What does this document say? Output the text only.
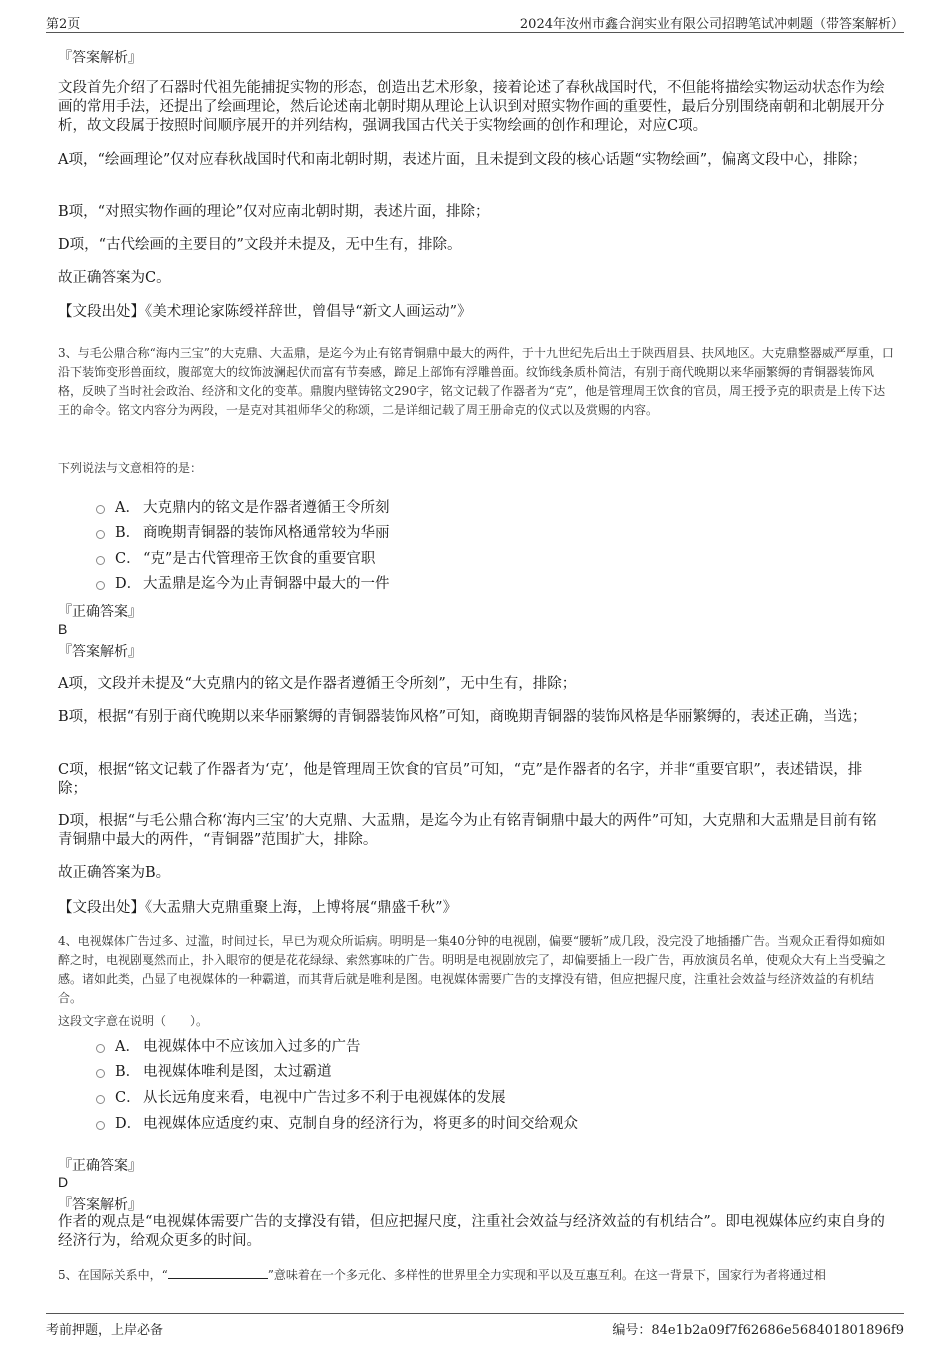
第2页	2024年汝州市鑫合润实业有限公司招聘笔试冲刺题（带答案解析）
『答案解析』
文段首先介绍了石器时代祖先能捕捉实物的形态，创造出艺术形象，接着论述了春秋战国时代，不但能将描绘实物运动状态作为绘画的常用手法，还提出了绘画理论，然后论述南北朝时期从理论上认识到对照实物作画的重要性，最后分别围绕南朝和北朝展开分析，故文段属于按照时间顺序展开的并列结构，强调我国古代关于实物绘画的创作和理论，对应C项。
A项，“绘画理论”仅对应春秋战国时代和南北朝时期，表述片面，且未提到文段的核心话题“实物绘画”，偏离文段中心，排除；
B项，“对照实物作画的理论”仅对应南北朝时期，表述片面，排除；
D项，“古代绘画的主要目的”文段并未提及，无中生有，排除。
故正确答案为C。
【文段出处】《美术理论家陈绶祥辞世，曾倡导“新文人画运动”》
3、与毛公鼎合称“海内三宝”的大克鼎、大盂鼎，是迄今为止有铭青铜鼎中最大的两件，于十九世纪先后出土于陕西眉县、扶风地区。大克鼎整器威严厚重，口沿下装饰变形兽面纹，腹部宽大的纹饰波澜起伏而富有节奏感，蹄足上部饰有浮雕兽面。纹饰线条质朴简洁，有别于商代晚期以来华丽繁缛的青铜器装饰风格，反映了当时社会政治、经济和文化的变革。鼎腹内壁铸铭文290字，铭文记载了作器者为“克”，他是管理周王饮食的官员，周王授予克的职责是上传下达王的命令。铭文内容分为两段，一是克对其祖师华父的称颂，二是详细记载了周王册命克的仪式以及赏赐的内容。
下列说法与文意相符的是：
A． 大克鼎内的铭文是作器者遵循王令所刻
B． 商晚期青铜器的装饰风格通常较为华丽
C． “克”是古代管理帝王饮食的重要官职
D． 大盂鼎是迄今为止青铜器中最大的一件
『正确答案』
B
『答案解析』
A项，文段并未提及“大克鼎内的铭文是作器者遵循王令所刻”，无中生有，排除；
B项，根据“有别于商代晚期以来华丽繁缛的青铜器装饰风格”可知，商晚期青铜器的装饰风格是华丽繁缛的，表述正确，当选；
C项，根据“铭文记载了作器者为‘克’，他是管理周王饮食的官员”可知，“克”是作器者的名字，并非“重要官职”，表述错误，排除；
D项，根据“与毛公鼎合称‘海内三宝’的大克鼎、大盂鼎，是迄今为止有铭青铜鼎中最大的两件”可知，大克鼎和大盂鼎是目前有铭青铜鼎中最大的两件，“青铜器”范围扩大，排除。
故正确答案为B。
【文段出处】《大盂鼎大克鼎重聚上海，上博将展“鼎盛千秋”》
4、电视媒体广告过多、过滥，时间过长，早已为观众所诟病。明明是一集40分钟的电视剧，偏要“腰斩”成几段，没完没了地插播广告。当观众正看得如痴如醉之时，电视剧戛然而止，扑入眼帘的便是花花绿绿、索然寡味的广告。明明是电视剧放完了，却偏要插上一段广告，再放演员名单，使观众大有上当受骗之感。诸如此类，凸显了电视媒体的一种霸道，而其背后就是唯利是图。电视媒体需要广告的支撑没有错，但应把握尺度，注重社会效益与经济效益的有机结合。
这段文字意在说明（　　）。
A． 电视媒体中不应该加入过多的广告
B． 电视媒体唯利是图，太过霸道
C． 从长远角度来看，电视中广告过多不利于电视媒体的发展
D． 电视媒体应适度约束、克制自身的经济行为，将更多的时间交给观众
『正确答案』
D
『答案解析』
作者的观点是“电视媒体需要广告的支撑没有错，但应把握尺度，注重社会效益与经济效益的有机结合”。即电视媒体应约束自身的经济行为，给观众更多的时间。
5、在国际关系中，“	”意味着在一个多元化、多样性的世界里全力实现和平以及互惠互利。在这一背景下，国家行为者将通过相
考前押题，上岸必备	编号：84e1b2a09f7f62686e568401801896f9
